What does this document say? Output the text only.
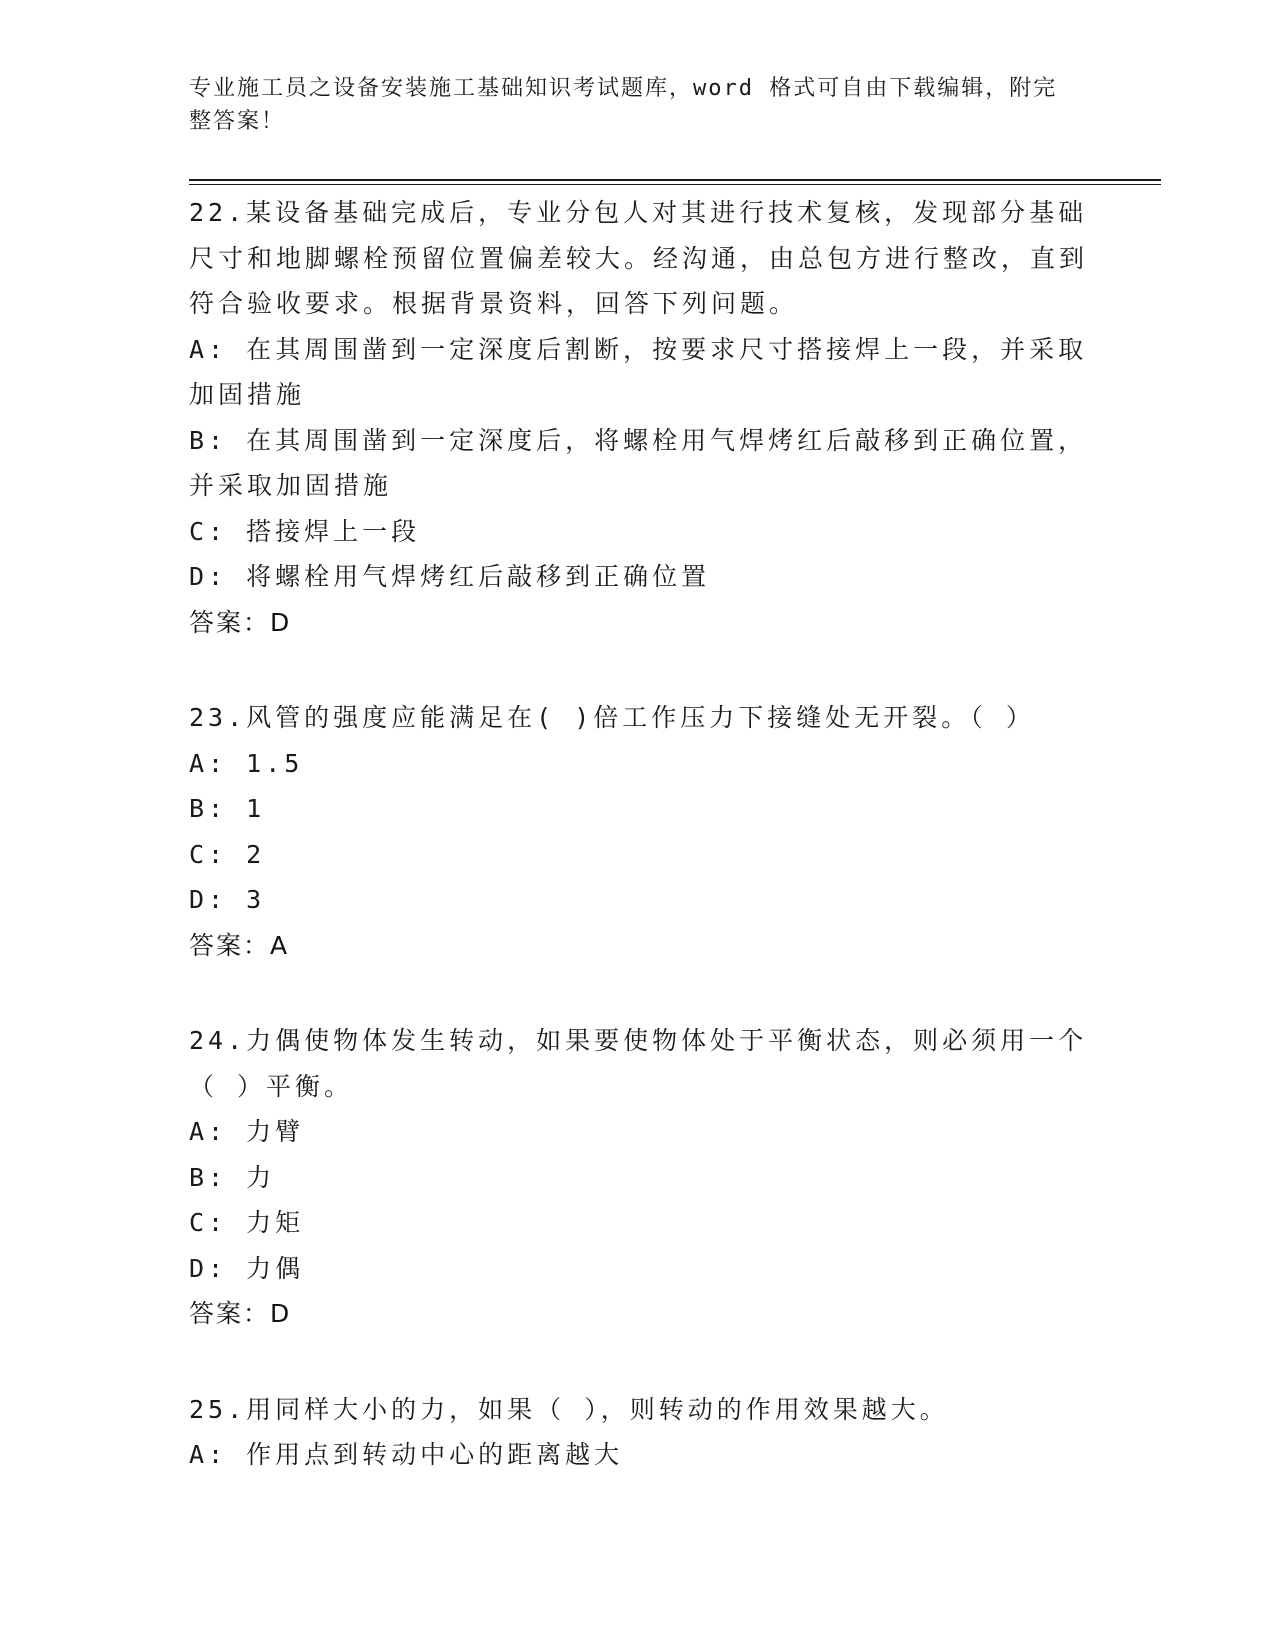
专业施工员之设备安装施工基础知识考试题库，word 格式可自由下载编辑，附完整答案！
22.某设备基础完成后，专业分包人对其进行技术复核，发现部分基础尺寸和地脚螺栓预留位置偏差较大。经沟通，由总包方进行整改，直到符合验收要求。根据背景资料，回答下列问题。
A: 在其周围凿到一定深度后割断，按要求尺寸搭接焊上一段，并采取加固措施
B: 在其周围凿到一定深度后，将螺栓用气焊烤红后敲移到正确位置，并采取加固措施
C: 搭接焊上一段
D: 将螺栓用气焊烤红后敲移到正确位置
答案：D
23.风管的强度应能满足在( )倍工作压力下接缝处无开裂。（ ）
A: 1.5
B: 1
C: 2
D: 3
答案：A
24.力偶使物体发生转动，如果要使物体处于平衡状态，则必须用一个（ ）平衡。
A: 力臂
B: 力
C: 力矩
D: 力偶
答案：D
25.用同样大小的力，如果（ ），则转动的作用效果越大。
A: 作用点到转动中心的距离越大
